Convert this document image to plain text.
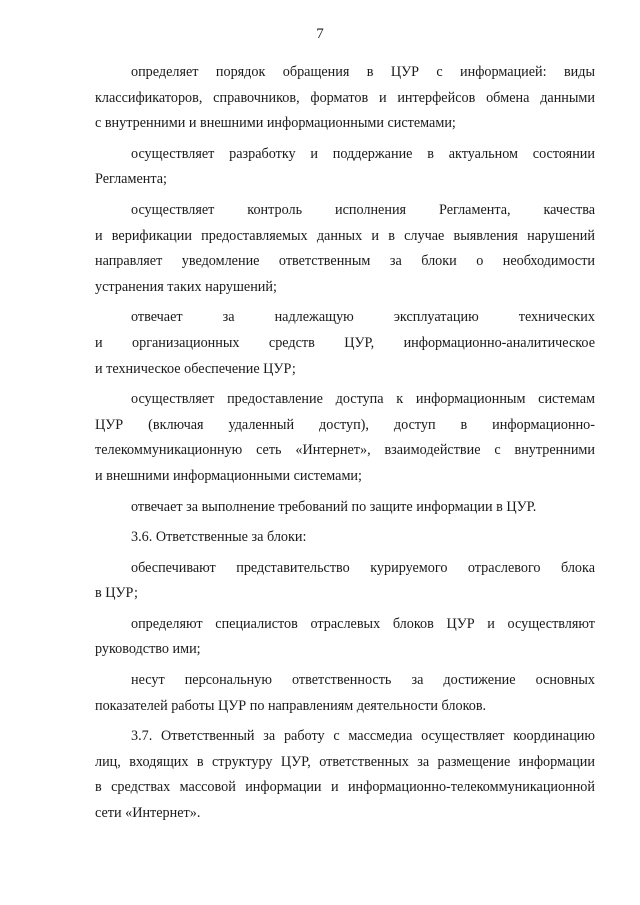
7
определяет порядок обращения в ЦУР с информацией: виды
классификаторов, справочников, форматов и интерфейсов обмена данными
с внутренними и внешними информационными системами;
осуществляет разработку и поддержание в актуальном состоянии
Регламента;
осуществляет контроль исполнения Регламента, качества
и верификации предоставляемых данных и в случае выявления нарушений
направляет уведомление ответственным за блоки о необходимости
устранения таких нарушений;
отвечает за надлежащую эксплуатацию технических
и организационных средств ЦУР, информационно-аналитическое
и техническое обеспечение ЦУР;
осуществляет предоставление доступа к информационным системам
ЦУР (включая удаленный доступ), доступ в информационно-
телекоммуникационную сеть «Интернет», взаимодействие с внутренними
и внешними информационными системами;
отвечает за выполнение требований по защите информации в ЦУР.
3.6. Ответственные за блоки:
обеспечивают представительство курируемого отраслевого блока
в ЦУР;
определяют специалистов отраслевых блоков ЦУР и осуществляют
руководство ими;
несут персональную ответственность за достижение основных
показателей работы ЦУР по направлениям деятельности блоков.
3.7. Ответственный за работу с массмедиа осуществляет координацию
лиц, входящих в структуру ЦУР, ответственных за размещение информации
в средствах массовой информации и информационно-телекоммуникационной
сети «Интернет».
